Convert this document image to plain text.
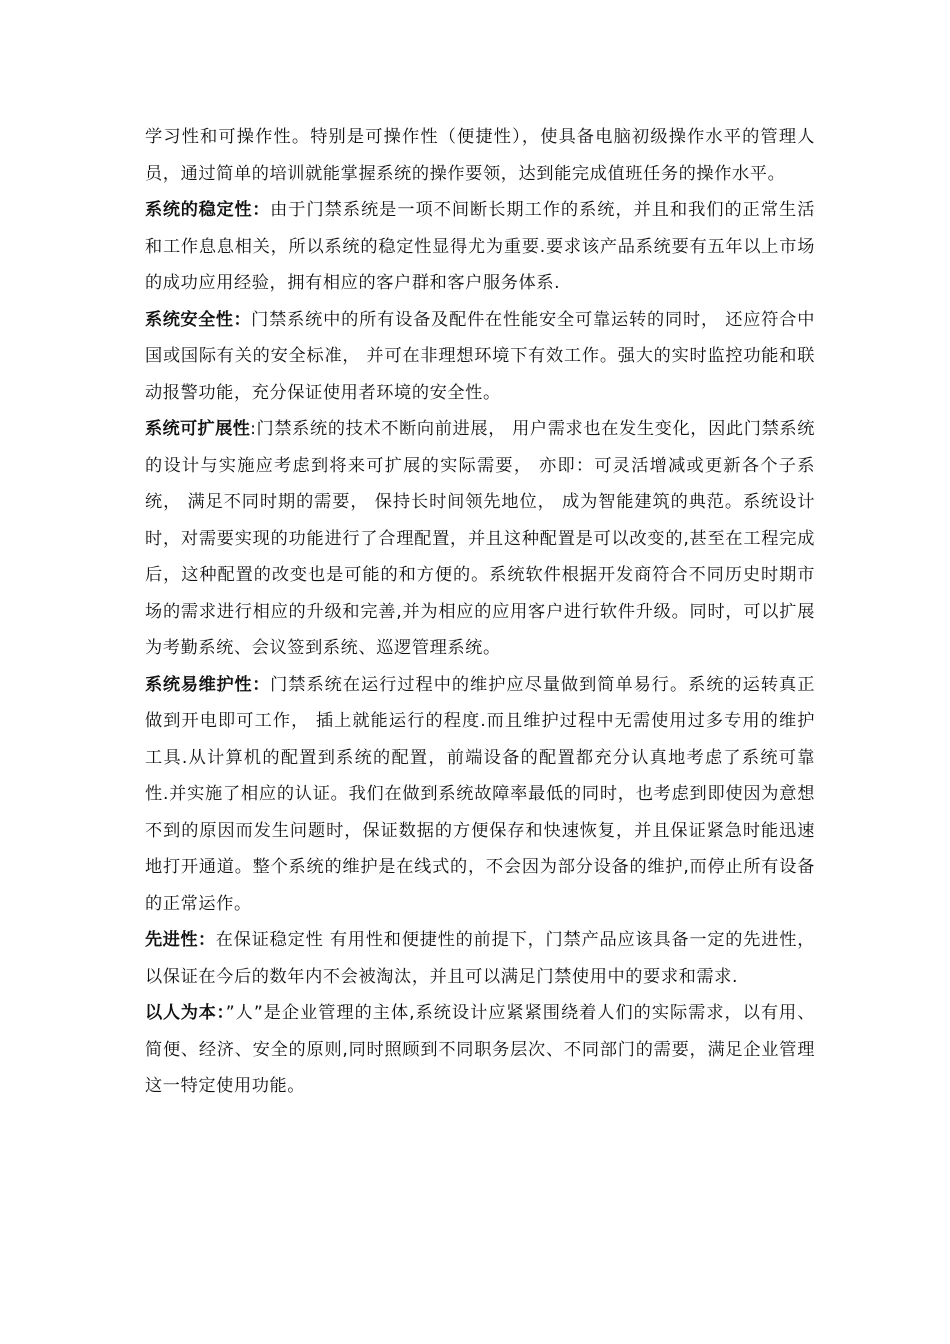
学习性和可操作性。特别是可操作性（便捷性），使具备电脑初级操作水平的管理人员，通过简单的培训就能掌握系统的操作要领，达到能完成值班任务的操作水平。

系统的稳定性：由于门禁系统是一项不间断长期工作的系统，并且和我们的正常生活和工作息息相关，所以系统的稳定性显得尤为重要.要求该产品系统要有五年以上市场的成功应用经验，拥有相应的客户群和客户服务体系.

系统安全性：门禁系统中的所有设备及配件在性能安全可靠运转的同时， 还应符合中国或国际有关的安全标准， 并可在非理想环境下有效工作。强大的实时监控功能和联动报警功能，充分保证使用者环境的安全性。

系统可扩展性:门禁系统的技术不断向前进展， 用户需求也在发生变化，因此门禁系统的设计与实施应考虑到将来可扩展的实际需要， 亦即：可灵活增减或更新各个子系统， 满足不同时期的需要， 保持长时间领先地位， 成为智能建筑的典范。系统设计时，对需要实现的功能进行了合理配置，并且这种配置是可以改变的,甚至在工程完成后，这种配置的改变也是可能的和方便的。系统软件根据开发商符合不同历史时期市场的需求进行相应的升级和完善,并为相应的应用客户进行软件升级。同时，可以扩展为考勤系统、会议签到系统、巡逻管理系统。

系统易维护性：门禁系统在运行过程中的维护应尽量做到简单易行。系统的运转真正做到开电即可工作， 插上就能运行的程度.而且维护过程中无需使用过多专用的维护工具.从计算机的配置到系统的配置，前端设备的配置都充分认真地考虑了系统可靠性.并实施了相应的认证。我们在做到系统故障率最低的同时，也考虑到即使因为意想不到的原因而发生问题时，保证数据的方便保存和快速恢复，并且保证紧急时能迅速地打开通道。整个系统的维护是在线式的，不会因为部分设备的维护,而停止所有设备的正常运作。

先进性：在保证稳定性 有用性和便捷性的前提下，门禁产品应该具备一定的先进性，以保证在今后的数年内不会被淘汰，并且可以满足门禁使用中的要求和需求.

以人为本：”人”是企业管理的主体,系统设计应紧紧围绕着人们的实际需求，以有用、简便、经济、安全的原则,同时照顾到不同职务层次、不同部门的需要，满足企业管理这一特定使用功能。
